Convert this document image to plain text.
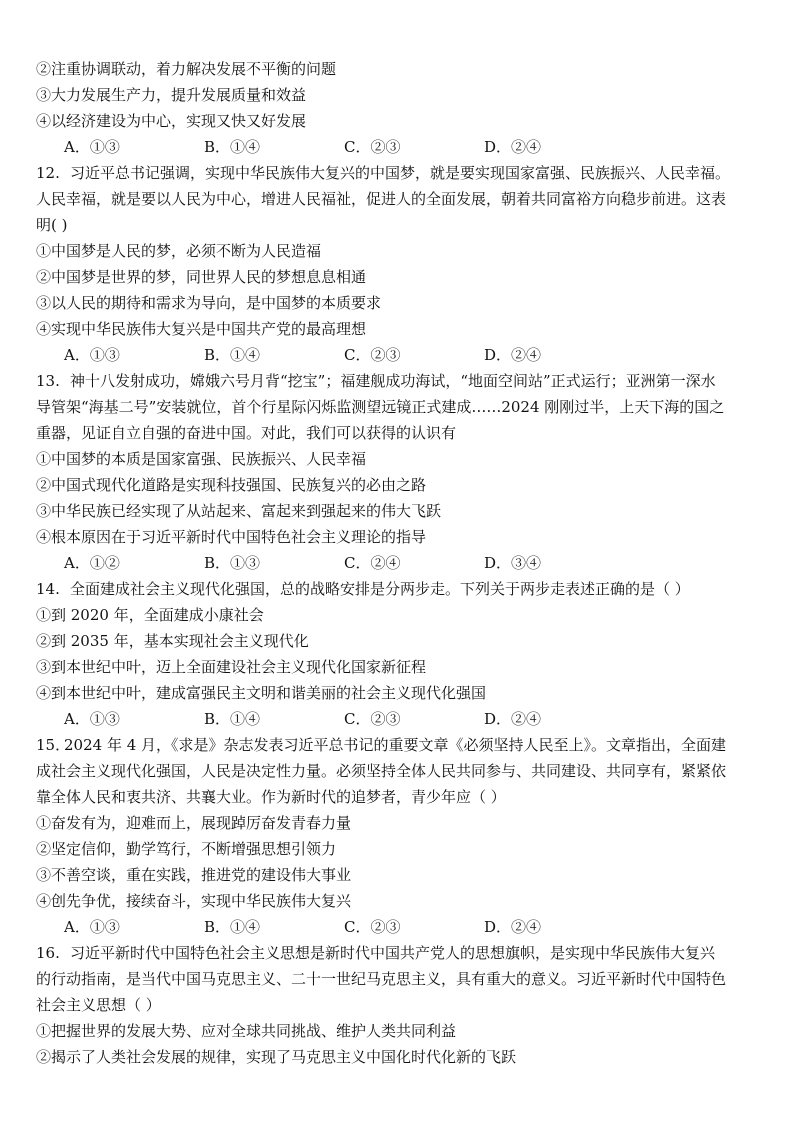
②注重协调联动，着力解决发展不平衡的问题
③大力发展生产力，提升发展质量和效益
④以经济建设为中心，实现又快又好发展
A．①③	B．①④	C．②③	D．②④
12. 习近平总书记强调，实现中华民族伟大复兴的中国梦，就是要实现国家富强、民族振兴、人民幸福。
人民幸福，就是要以人民为中心，增进人民福祉，促进人的全面发展，朝着共同富裕方向稳步前进。这表
明( )
①中国梦是人民的梦，必须不断为人民造福
②中国梦是世界的梦，同世界人民的梦想息息相通
③以人民的期待和需求为导向，是中国梦的本质要求
④实现中华民族伟大复兴是中国共产党的最高理想
A．①③	B．①④	C．②③	D．②④
13. 神十八发射成功，嫦娥六号月背“挖宝”；福建舰成功海试，“地面空间站”正式运行；亚洲第一深水
导管架“海基二号”安装就位，首个行星际闪烁监测望远镜正式建成……2024 刚刚过半，上天下海的国之
重器，见证自立自强的奋进中国。对此，我们可以获得的认识有
①中国梦的本质是国家富强、民族振兴、人民幸福
②中国式现代化道路是实现科技强国、民族复兴的必由之路
③中华民族已经实现了从站起来、富起来到强起来的伟大飞跃
④根本原因在于习近平新时代中国特色社会主义理论的指导
A．①②	B．①③	C．②④	D．③④
14. 全面建成社会主义现代化强国，总的战略安排是分两步走。下列关于两步走表述正确的是（ ）
①到 2020 年，全面建成小康社会
②到 2035 年，基本实现社会主义现代化
③到本世纪中叶，迈上全面建设社会主义现代化国家新征程
④到本世纪中叶，建成富强民主文明和谐美丽的社会主义现代化强国
A．①③	B．①④	C．②③	D．②④
15．2024 年 4 月，《求是》杂志发表习近平总书记的重要文章《必须坚持人民至上》。文章指出，全面建
成社会主义现代化强国，人民是决定性力量。必须坚持全体人民共同参与、共同建设、共同享有，紧紧依
靠全体人民和衷共济、共襄大业。作为新时代的追梦者，青少年应（ ）
①奋发有为，迎难而上，展现踔厉奋发青春力量
②坚定信仰，勤学笃行，不断增强思想引领力
③不善空谈，重在实践，推进党的建设伟大事业
④创先争优，接续奋斗，实现中华民族伟大复兴
A．①③	B．①④	C．②③	D．②④
16. 习近平新时代中国特色社会主义思想是新时代中国共产党人的思想旗帜，是实现中华民族伟大复兴
的行动指南，是当代中国马克思主义、二十一世纪马克思主义，具有重大的意义。习近平新时代中国特色
社会主义思想（ ）
①把握世界的发展大势、应对全球共同挑战、维护人类共同利益
②揭示了人类社会发展的规律，实现了马克思主义中国化时代化新的飞跃
